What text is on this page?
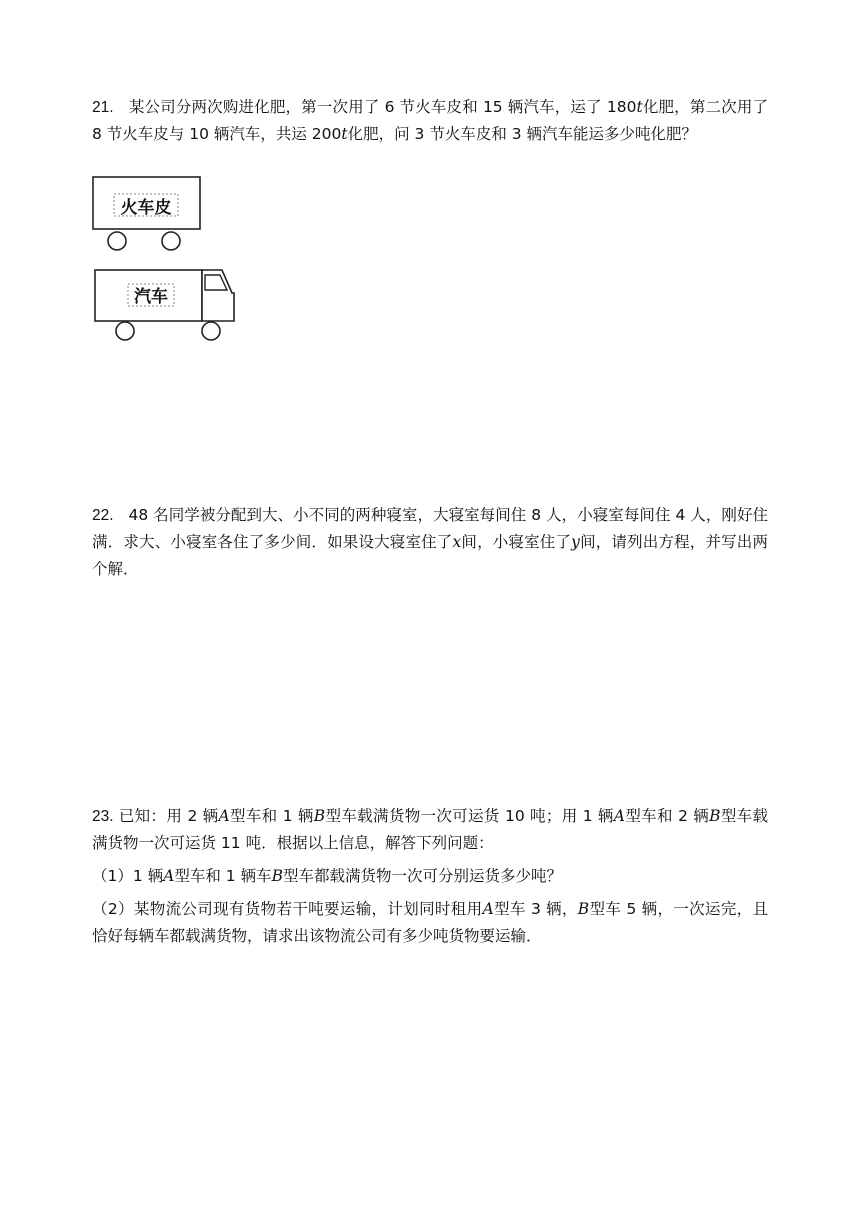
21. 某公司分两次购进化肥，第一次用了 6 节火车皮和 15 辆汽车，运了 180t化肥，第二次用了 8 节火车皮与 10 辆汽车，共运 200t化肥，问 3 节火车皮和 3 辆汽车能运多少吨化肥？

火车皮
汽车

22. 48 名同学被分配到大、小不同的两种寝室，大寝室每间住 8 人，小寝室每间住 4 人，刚好住满．求大、小寝室各住了多少间．如果设大寝室住了x间，小寝室住了y间，请列出方程，并写出两个解．

23. 已知：用 2 辆A型车和 1 辆B型车载满货物一次可运货 10 吨；用 1 辆A型车和 2 辆B型车载满货物一次可运货 11 吨．根据以上信息，解答下列问题：

（1）1 辆A型车和 1 辆车B型车都载满货物一次可分别运货多少吨？

（2）某物流公司现有货物若干吨要运输，计划同时租用A型车 3 辆，B型车 5 辆，一次运完，且恰好每辆车都载满货物，请求出该物流公司有多少吨货物要运输．
